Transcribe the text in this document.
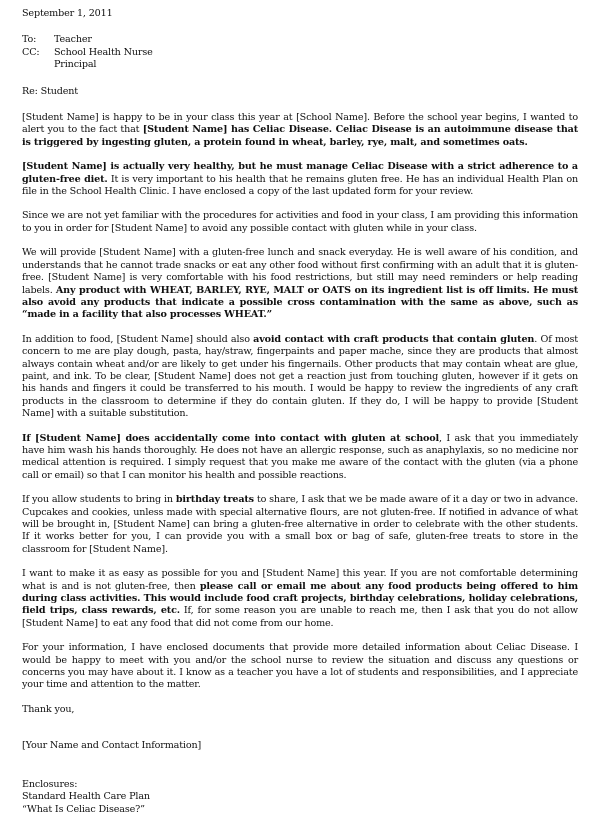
September 1, 2011

To:	Teacher
CC:	School Health Nurse
Principal

Re: Student

[Student Name] is happy to be in your class this year at [School Name]. Before the school year begins, I wanted to alert you to the fact that [Student Name] has Celiac Disease. Celiac Disease is an autoimmune disease that is triggered by ingesting gluten, a protein found in wheat, barley, rye, malt, and sometimes oats.

[Student Name] is actually very healthy, but he must manage Celiac Disease with a strict adherence to a gluten-free diet. It is very important to his health that he remains gluten free. He has an individual Health Plan on file in the School Health Clinic. I have enclosed a copy of the last updated form for your review.

Since we are not yet familiar with the procedures for activities and food in your class, I am providing this information to you in order for [Student Name] to avoid any possible contact with gluten while in your class.

We will provide [Student Name] with a gluten-free lunch and snack everyday. He is well aware of his condition, and understands that he cannot trade snacks or eat any other food without first confirming with an adult that it is gluten-free. [Student Name] is very comfortable with his food restrictions, but still may need reminders or help reading labels. Any product with WHEAT, BARLEY, RYE, MALT or OATS on its ingredient list is off limits. He must also avoid any products that indicate a possible cross contamination with the same as above, such as “made in a facility that also processes WHEAT.”

In addition to food, [Student Name] should also avoid contact with craft products that contain gluten. Of most concern to me are play dough, pasta, hay/straw, fingerpaints and paper mache, since they are products that almost always contain wheat and/or are likely to get under his fingernails. Other products that may contain wheat are glue, paint, and ink. To be clear, [Student Name] does not get a reaction just from touching gluten, however if it gets on his hands and fingers it could be transferred to his mouth. I would be happy to review the ingredients of any craft products in the classroom to determine if they do contain gluten. If they do, I will be happy to provide [Student Name] with a suitable substitution.

If [Student Name] does accidentally come into contact with gluten at school, I ask that you immediately have him wash his hands thoroughly. He does not have an allergic response, such as anaphylaxis, so no medicine nor medical attention is required. I simply request that you make me aware of the contact with the gluten (via a phone call or email) so that I can monitor his health and possible reactions.

If you allow students to bring in birthday treats to share, I ask that we be made aware of it a day or two in advance. Cupcakes and cookies, unless made with special alternative flours, are not gluten-free. If notified in advance of what will be brought in, [Student Name] can bring a gluten-free alternative in order to celebrate with the other students. If it works better for you, I can provide you with a small box or bag of safe, gluten-free treats to store in the classroom for [Student Name].

I want to make it as easy as possible for you and [Student Name] this year. If you are not comfortable determining what is and is not gluten-free, then please call or email me about any food products being offered to him during class activities. This would include food craft projects, birthday celebrations, holiday celebrations, field trips, class rewards, etc. If, for some reason you are unable to reach me, then I ask that you do not allow [Student Name] to eat any food that did not come from our home.

For your information, I have enclosed documents that provide more detailed information about Celiac Disease. I would be happy to meet with you and/or the school nurse to review the situation and discuss any questions or concerns you may have about it. I know as a teacher you have a lot of students and responsibilities, and I appreciate your time and attention to the matter.

Thank you,

[Your Name and Contact Information]

Enclosures:

Standard Health Care Plan

“What Is Celiac Disease?”
